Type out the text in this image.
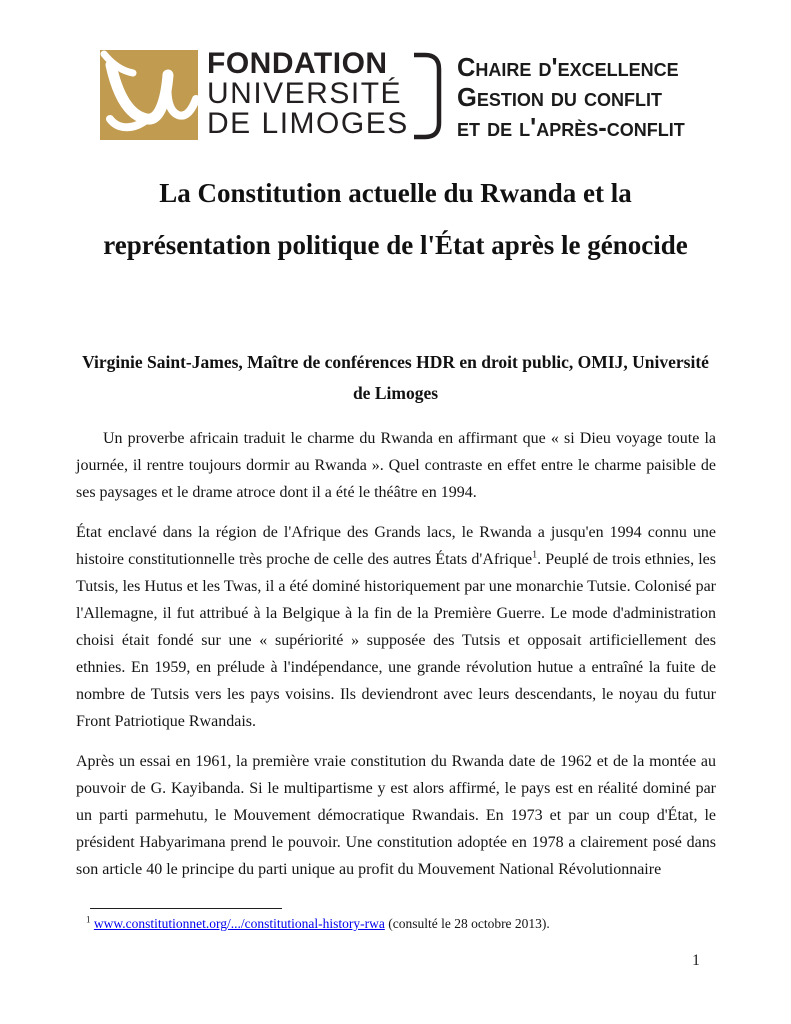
FONDATION
UNIVERSITÉ
DE LIMOGES
Chaire d'excellence
Gestion du conflit
et de l'après-conflit
La Constitution actuelle du Rwanda et la représentation politique de l'État après le génocide
Virginie Saint-James, Maître de conférences HDR en droit public, OMIJ, Université de Limoges

Un proverbe africain traduit le charme du Rwanda en affirmant que « si Dieu voyage toute la journée, il rentre toujours dormir au Rwanda ». Quel contraste en effet entre le charme paisible de ses paysages et le drame atroce dont il a été le théâtre en 1994.

État enclavé dans la région de l'Afrique des Grands lacs, le Rwanda a jusqu'en 1994 connu une histoire constitutionnelle très proche de celle des autres États d'Afrique$^1$. Peuplé de trois ethnies, les Tutsis, les Hutus et les Twas, il a été dominé historiquement par une monarchie Tutsie. Colonisé par l'Allemagne, il fut attribué à la Belgique à la fin de la Première Guerre. Le mode d'administration choisi était fondé sur une « supériorité » supposée des Tutsis et opposait artificiellement des ethnies. En 1959, en prélude à l'indépendance, une grande révolution hutue a entraîné la fuite de nombre de Tutsis vers les pays voisins. Ils deviendront avec leurs descendants, le noyau du futur Front Patriotique Rwandais.

Après un essai en 1961, la première vraie constitution du Rwanda date de 1962 et de la montée au pouvoir de G. Kayibanda. Si le multipartisme y est alors affirmé, le pays est en réalité dominé par un parti parmehutu, le Mouvement démocratique Rwandais. En 1973 et par un coup d'État, le président Habyarimana prend le pouvoir. Une constitution adoptée en 1978 a clairement posé dans son article 40 le principe du parti unique au profit du Mouvement National Révolutionnaire

$^1$ www.constitutionnet.org/.../constitutional-history-rwa (consulté le 28 octobre 2013).
1
